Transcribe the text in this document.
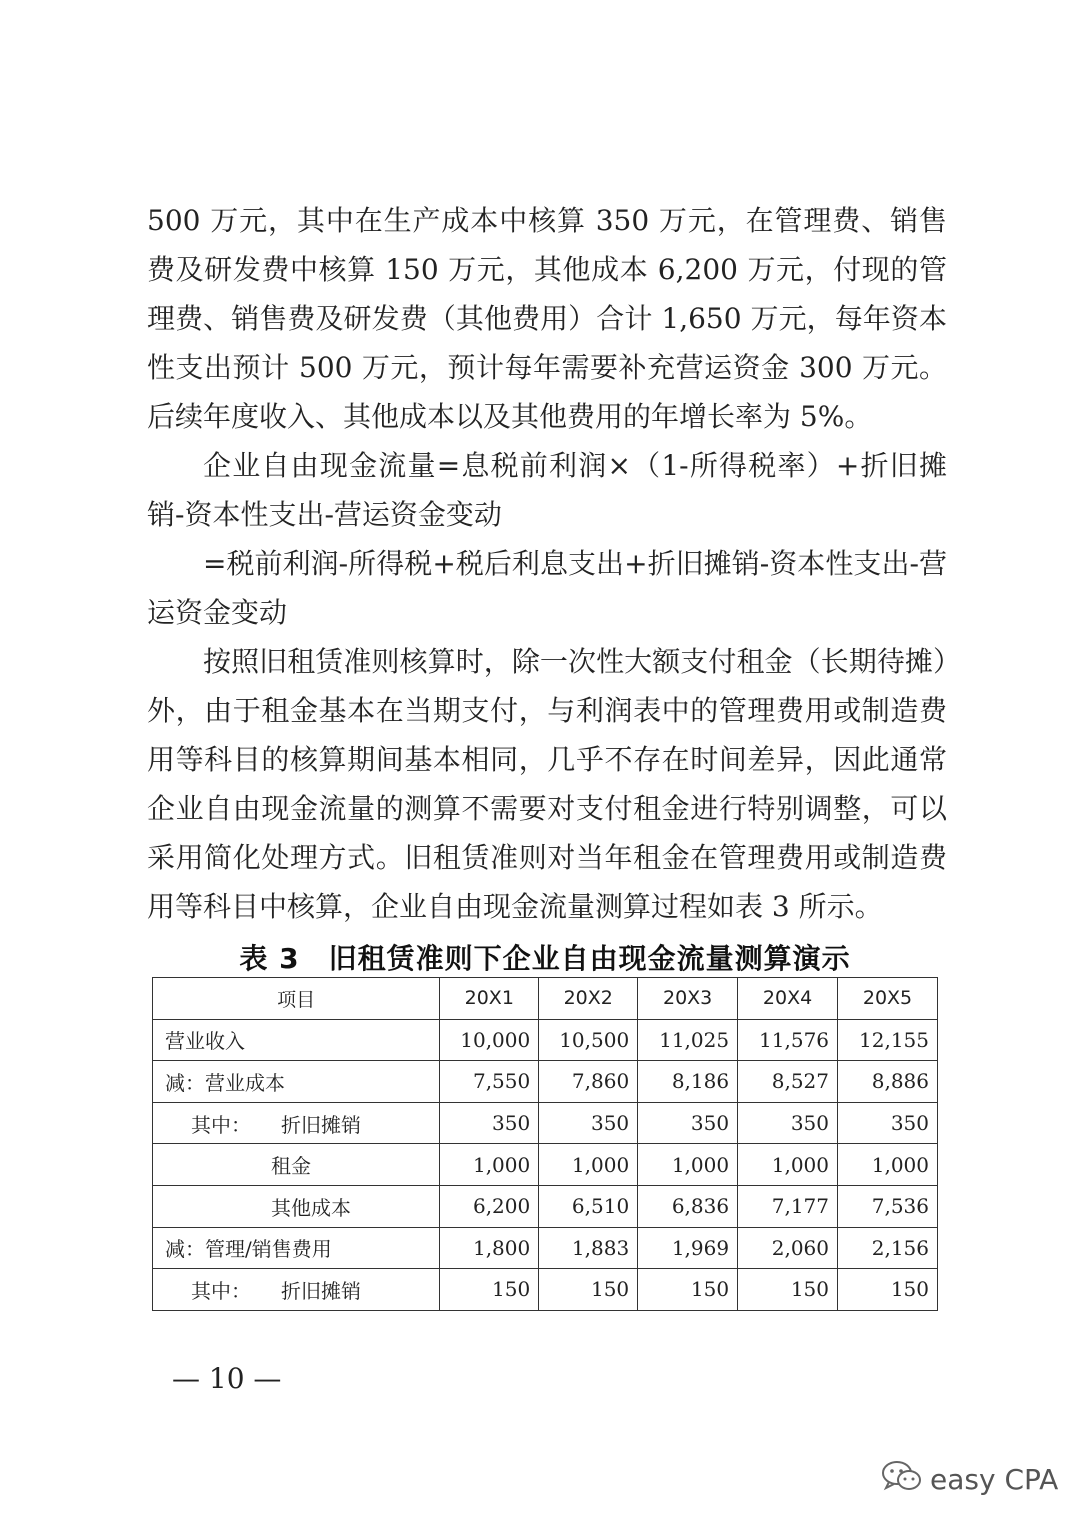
500 万元，其中在生产成本中核算 350 万元，在管理费、销售费及研发费中核算 150 万元，其他成本 6,200 万元，付现的管理费、销售费及研发费（其他费用）合计 1,650 万元，每年资本性支出预计 500 万元，预计每年需要补充营运资金 300 万元。后续年度收入、其他成本以及其他费用的年增长率为 5%。

企业自由现金流量=息税前利润×（1-所得税率）+折旧摊销-资本性支出-营运资金变动

=税前利润-所得税+税后利息支出+折旧摊销-资本性支出-营运资金变动

按照旧租赁准则核算时，除一次性大额支付租金（长期待摊）外，由于租金基本在当期支付，与利润表中的管理费用或制造费用等科目的核算期间基本相同，几乎不存在时间差异，因此通常企业自由现金流量的测算不需要对支付租金进行特别调整，可以采用简化处理方式。旧租赁准则对当年租金在管理费用或制造费用等科目中核算，企业自由现金流量测算过程如表 3 所示。

表 3　旧租赁准则下企业自由现金流量测算演示
项目	20X1	20X2	20X3	20X4	20X5
营业收入	10,000	10,500	11,025	11,576	12,155
减：营业成本	7,550	7,860	8,186	8,527	8,886
其中： 折旧摊销	350	350	350	350	350
租金	1,000	1,000	1,000	1,000	1,000
其他成本	6,200	6,510	6,836	7,177	7,536
减：管理/销售费用	1,800	1,883	1,969	2,060	2,156
其中： 折旧摊销	150	150	150	150	150
— 10 —
easy CPA
